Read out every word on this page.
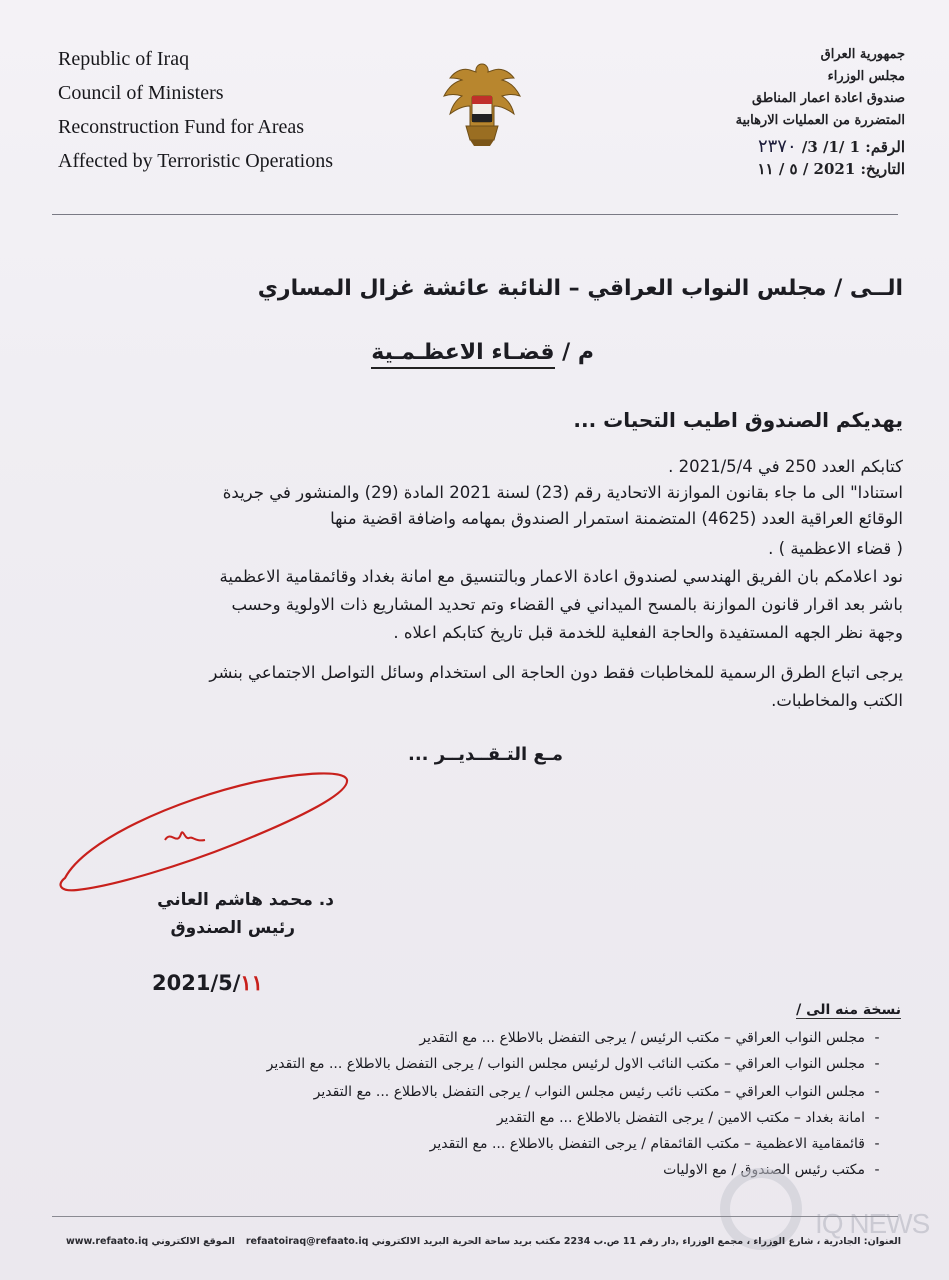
Republic of Iraq
Council of Ministers
Reconstruction Fund for Areas
Affected by Terroristic Operations
جمهورية العراق
مجلس الوزراء
صندوق اعادة اعمار المناطق
المتضررة من العمليات الارهابية
الرقم: 1 /1/ 3/ ٢٣٧٠
التاريخ: 2021 / ٥ / ١١
الــى / مجلس النواب العراقي – النائبة عائشة غزال المساري
م / قضـاء الاعظـمـية
يهديكم الصندوق اطيب التحيات ...
كتابكم العدد 250 في 2021/5/4 .
استنادا" الى ما جاء بقانون الموازنة الاتحادية رقم (23) لسنة 2021 المادة (29) والمنشور في جريدة
الوقائع العراقية العدد (4625) المتضمنة استمرار الصندوق بمهامه واضافة اقضية منها
( قضاء الاعظمية ) .
نود اعلامكم بان الفريق الهندسي لصندوق اعادة الاعمار وبالتنسيق مع امانة بغداد وقائمقامية الاعظمية
باشر بعد اقرار قانون الموازنة بالمسح الميداني في القضاء وتم تحديد المشاريع ذات الاولوية وحسب
وجهة نظر الجهه المستفيدة والحاجة الفعلية للخدمة قبل تاريخ كتابكم اعلاه .
يرجى اتباع الطرق الرسمية للمخاطبات فقط دون الحاجة الى استخدام وسائل التواصل الاجتماعي بنشر
الكتب والمخاطبات.
مـع التـقــديــر ...
د. محمد هاشم العاني
رئيس الصندوق
2021/5/١١
نسخة منه الى /
-مجلس النواب العراقي – مكتب الرئيس / يرجى التفضل بالاطلاع ... مع التقدير
-مجلس النواب العراقي – مكتب النائب الاول لرئيس مجلس النواب / يرجى التفضل بالاطلاع ... مع التقدير
-مجلس النواب العراقي – مكتب نائب رئيس مجلس النواب / يرجى التفضل بالاطلاع ... مع التقدير
-امانة بغداد – مكتب الامين / يرجى التفضل بالاطلاع ... مع التقدير
-قائمقامية الاعظمية – مكتب القائمقام / يرجى التفضل بالاطلاع ... مع التقدير
-مكتب رئيس الصندوق / مع الاوليات
IQ NEWS
العنوان: الجادرية ، شارع الوزراء ، مجمع الوزراء ,دار رقم 11 ص.ب 2234 مكتب بريد ساحة الحرية البريد الالكتروني refaatoiraq@refaato.iq
www.refaato.iq الموقع الالكتروني
